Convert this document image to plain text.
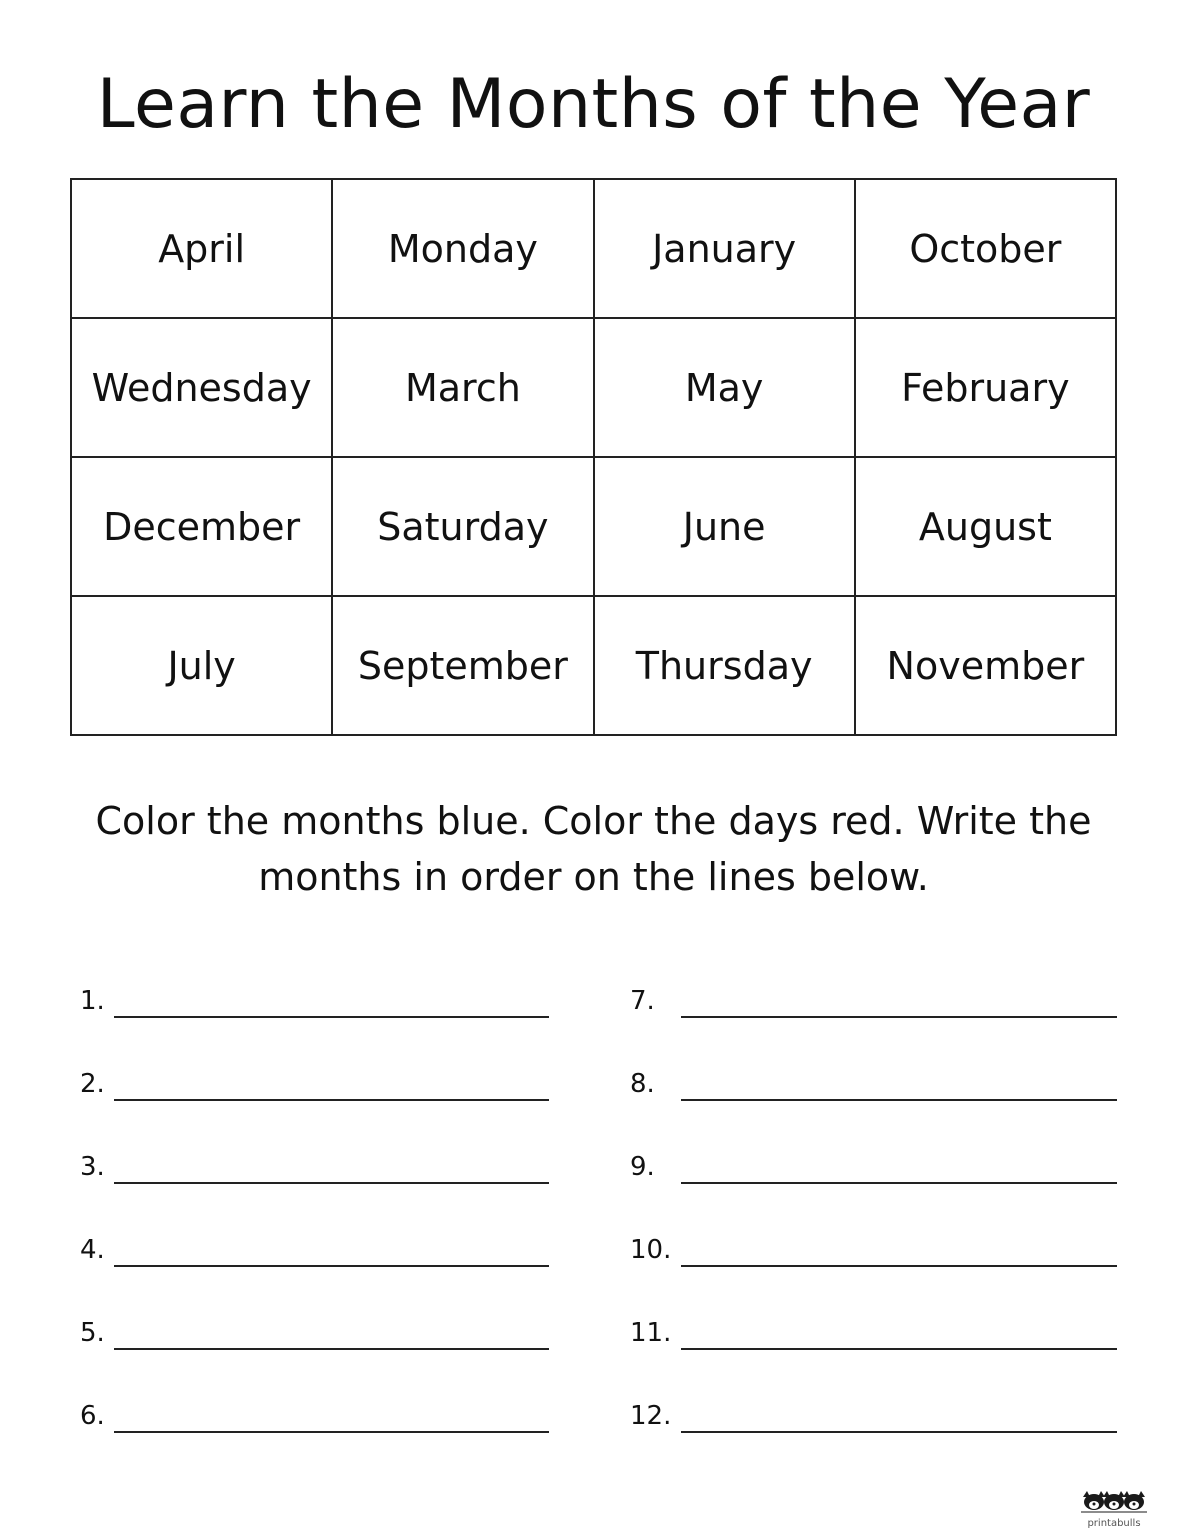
Learn the Months of the Year
April	Monday	January	October
Wednesday	March	May	February
December	Saturday	June	August
July	September	Thursday	November
Color the months blue. Color the days red. Write the
months in order on the lines below.
1.
2.
3.
4.
5.
6.
7.
8.
9.
10.
11.
12.
printabulls
